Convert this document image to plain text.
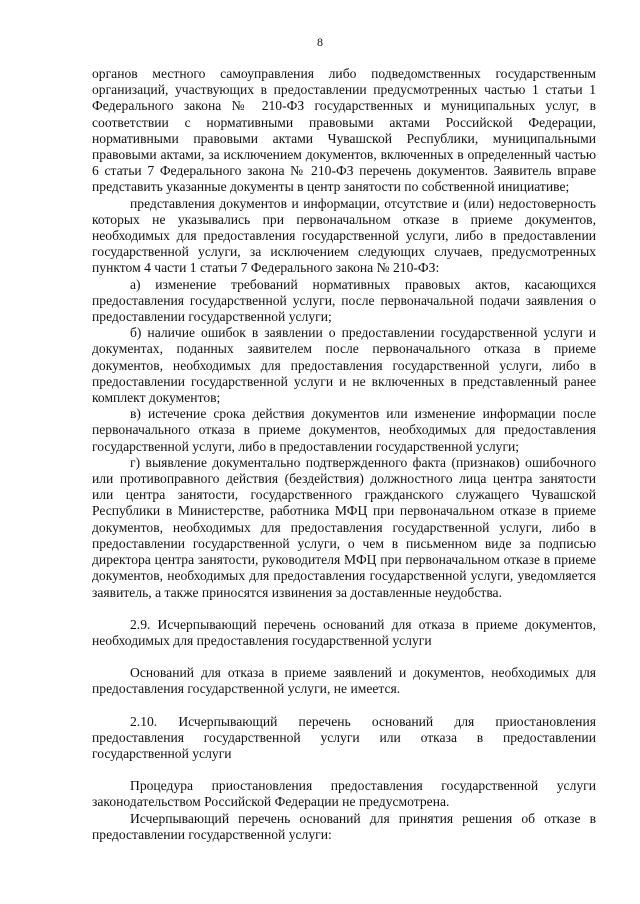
8

органов местного самоуправления либо подведомственных государственным организаций, участвующих в предоставлении предусмотренных частью 1 статьи 1 Федерального закона № 210-ФЗ государственных и муниципальных услуг, в соответствии с нормативными правовыми актами Российской Федерации, нормативными правовыми актами Чувашской Республики, муниципальными правовыми актами, за исключением документов, включенных в определенный частью 6 статьи 7 Федерального закона № 210-ФЗ перечень документов. Заявитель вправе представить указанные документы в центр занятости по собственной инициативе;

представления документов и информации, отсутствие и (или) недостоверность которых не указывались при первоначальном отказе в приеме документов, необходимых для предоставления государственной услуги, либо в предоставлении государственной услуги, за исключением следующих случаев, предусмотренных пунктом 4 части 1 статьи 7 Федерального закона № 210-ФЗ:

а) изменение требований нормативных правовых актов, касающихся предоставления государственной услуги, после первоначальной подачи заявления о предоставлении государственной услуги;

б) наличие ошибок в заявлении о предоставлении государственной услуги и документах, поданных заявителем после первоначального отказа в приеме документов, необходимых для предоставления государственной услуги, либо в предоставлении государственной услуги и не включенных в представленный ранее комплект документов;

в) истечение срока действия документов или изменение информации после первоначального отказа в приеме документов, необходимых для предоставления государственной услуги, либо в предоставлении государственной услуги;

г) выявление документально подтвержденного факта (признаков) ошибочного или противоправного действия (бездействия) должностного лица центра занятости или центра занятости, государственного гражданского служащего Чувашской Республики в Министерстве, работника МФЦ при первоначальном отказе в приеме документов, необходимых для предоставления государственной услуги, либо в предоставлении государственной услуги, о чем в письменном виде за подписью директора центра занятости, руководителя МФЦ при первоначальном отказе в приеме документов, необходимых для предоставления государственной услуги, уведомляется заявитель, а также приносятся извинения за доставленные неудобства.

2.9. Исчерпывающий перечень оснований для отказа в приеме документов, необходимых для предоставления государственной услуги

Оснований для отказа в приеме заявлений и документов, необходимых для предоставления государственной услуги, не имеется.

2.10. Исчерпывающий перечень оснований для приостановления предоставления государственной услуги или отказа в предоставлении государственной услуги

Процедура приостановления предоставления государственной услуги законодательством Российской Федерации не предусмотрена.

Исчерпывающий перечень оснований для принятия решения об отказе в предоставлении государственной услуги:
